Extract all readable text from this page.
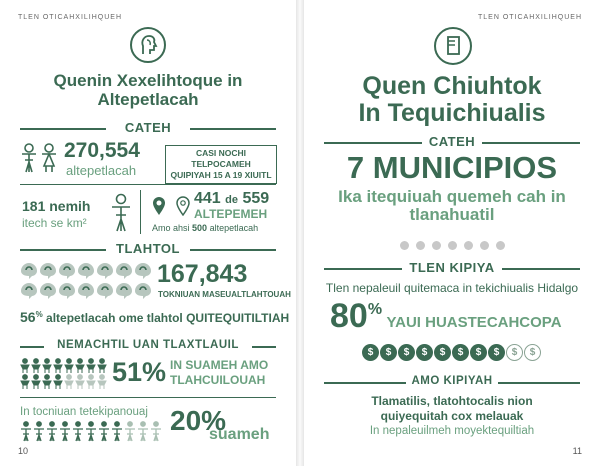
TLEN OTICAHXILIHQUEH
Quenin Xexelihtoque in
Altepetlacah
CATEH
270,554
altepetlacah
CASI NOCHI TELPOCAMEH
QUIPIYAH 15 A 19 XIUITL
181 nemih
itech se km²
441 de 559
ALTEPEMEH
Amo ahsi 500 altepetlacah
TLAHTOL
167,843
TOKNIUAN MASEUALTLAHTOUAH
56% altepetlacah ome tlahtol QUITEQUITILTIAH
NEMACHTIL UAN TLAXTLAUIL
51% IN SUAMEH AMO
TLAHCUILOUAH
In tocniuan tetekipanouaj 20%
suameh
10
TLEN OTICAHXILIHQUEH
Quen Chiuhtok
In Tequichiualis
CATEH
7 MUNICIPIOS
Ika itequiuah quemeh cah in
tlanahuatil
TLEN KIPIYA
Tlen nepaleuil quitemaca in tekichiualis Hidalgo
80% YAUI HUASTECAHCOPA
$ $ $ $ $ $ $ $ $ $
AMO KIPIYAH
Tlamatilis, tlatohtocalis nion
quiyequitah cox melauak
In nepaleuilmeh moyektequiltiah
11
